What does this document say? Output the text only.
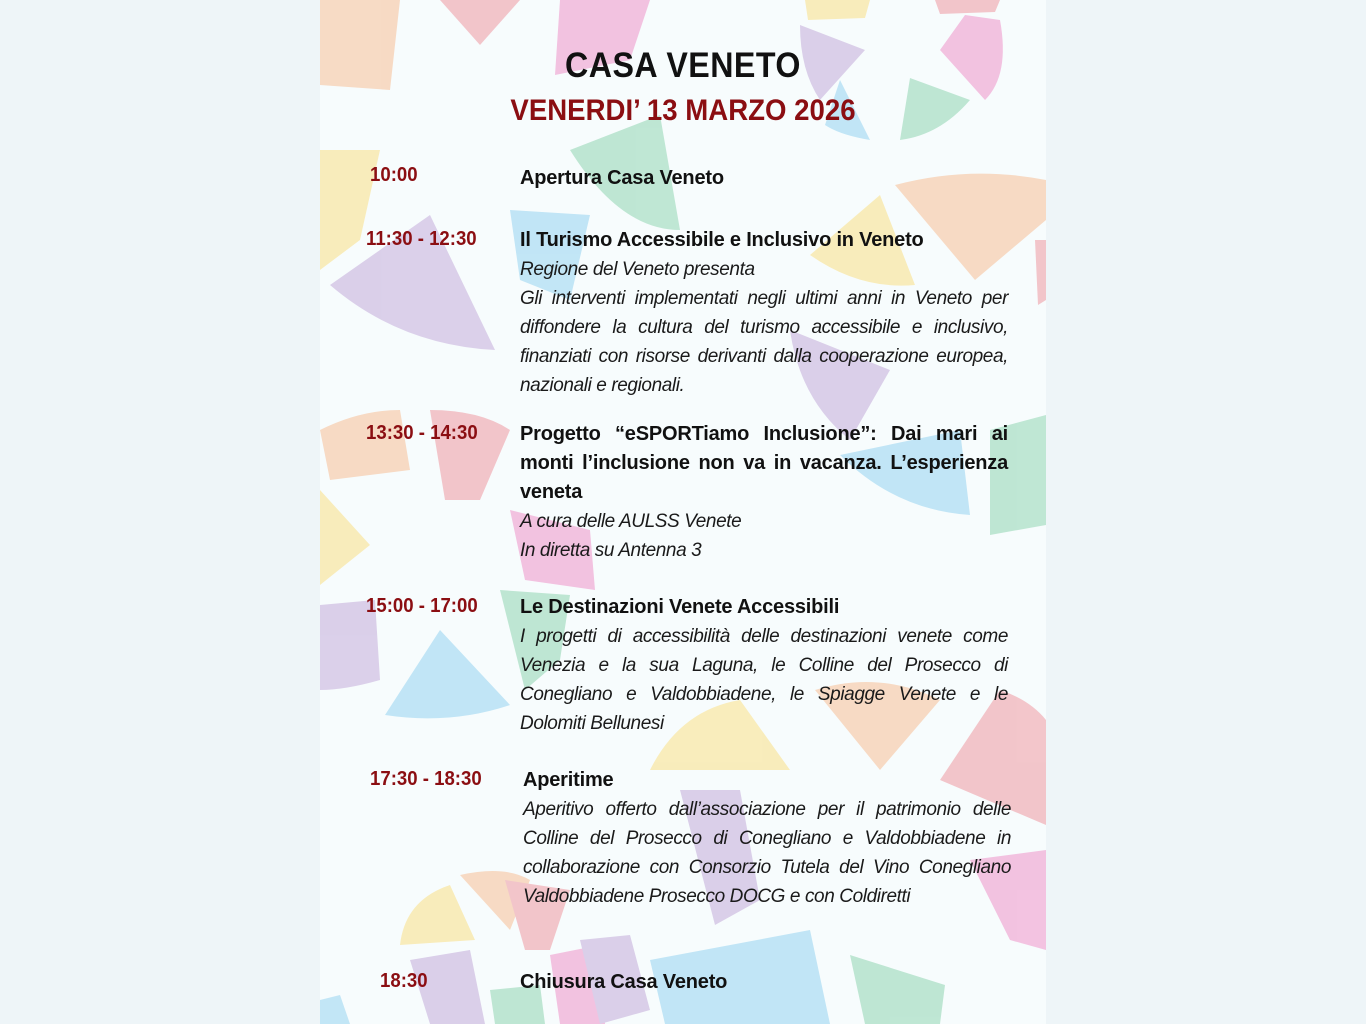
CASA VENETO
VENERDI’ 13 MARZO 2026
10:00	Apertura Casa Veneto
11:30 - 12:30 Il Turismo Accessibile e Inclusivo in Veneto

Regione del Veneto presenta

Gli interventi implementati negli ultimi anni in Veneto per diffondere la cultura del turismo accessibile e inclusivo, finanziati con risorse derivanti dalla cooperazione europea, nazionali e regionali.

13:30 - 14:30 Progetto “eSPORTiamo Inclusione”: Dai mari ai monti l’inclusione non va in vacanza. L’esperienza veneta

A cura delle AULSS Venete

In diretta su Antenna 3

15:00 - 17:00 Le Destinazioni Venete Accessibili

I progetti di accessibilità delle destinazioni venete come Venezia e la sua Laguna, le Colline del Prosecco di Conegliano e Valdobbiadene, le Spiagge Venete e le Dolomiti Bellunesi

17:30 - 18:30 Aperitime

Aperitivo offerto dall’associazione per il patrimonio delle Colline del Prosecco di Conegliano e Valdobbiadene in collaborazione con Consorzio Tutela del Vino Conegliano Valdobbiadene Prosecco DOCG e con Coldiretti

18:30	Chiusura Casa Veneto
